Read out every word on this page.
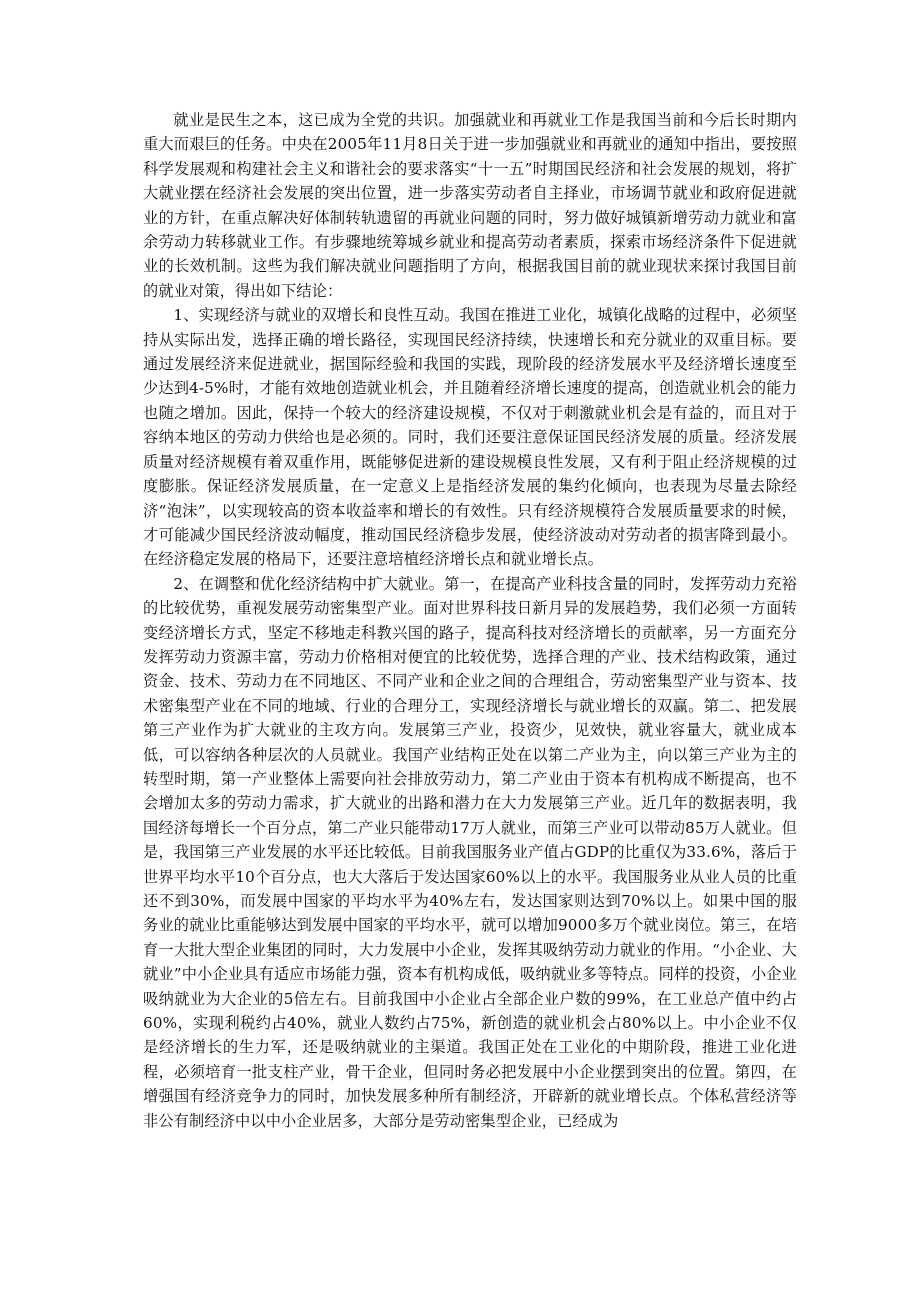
就业是民生之本，这已成为全党的共识。加强就业和再就业工作是我国当前和今后长时期内重大而艰巨的任务。中央在2005年11月8日关于进一步加强就业和再就业的通知中指出，要按照科学发展观和构建社会主义和谐社会的要求落实“十一五”时期国民经济和社会发展的规划，将扩大就业摆在经济社会发展的突出位置，进一步落实劳动者自主择业，市场调节就业和政府促进就业的方针，在重点解决好体制转轨遗留的再就业问题的同时，努力做好城镇新增劳动力就业和富余劳动力转移就业工作。有步骤地统筹城乡就业和提高劳动者素质，探索市场经济条件下促进就业的长效机制。这些为我们解决就业问题指明了方向，根据我国目前的就业现状来探讨我国目前的就业对策，得出如下结论：

1、实现经济与就业的双增长和良性互动。我国在推进工业化，城镇化战略的过程中，必须坚持从实际出发，选择正确的增长路径，实现国民经济持续，快速增长和充分就业的双重目标。要通过发展经济来促进就业，据国际经验和我国的实践，现阶段的经济发展水平及经济增长速度至少达到4-5%时，才能有效地创造就业机会，并且随着经济增长速度的提高，创造就业机会的能力也随之增加。因此，保持一个较大的经济建设规模，不仅对于刺激就业机会是有益的，而且对于容纳本地区的劳动力供给也是必须的。同时，我们还要注意保证国民经济发展的质量。经济发展质量对经济规模有着双重作用，既能够促进新的建设规模良性发展，又有利于阻止经济规模的过度膨胀。保证经济发展质量，在一定意义上是指经济发展的集约化倾向，也表现为尽量去除经济“泡沫”，以实现较高的资本收益率和增长的有效性。只有经济规模符合发展质量要求的时候，才可能减少国民经济波动幅度，推动国民经济稳步发展，使经济波动对劳动者的损害降到最小。在经济稳定发展的格局下，还要注意培植经济增长点和就业增长点。

2、在调整和优化经济结构中扩大就业。第一，在提高产业科技含量的同时，发挥劳动力充裕的比较优势，重视发展劳动密集型产业。面对世界科技日新月异的发展趋势，我们必须一方面转变经济增长方式，坚定不移地走科教兴国的路子，提高科技对经济增长的贡献率，另一方面充分发挥劳动力资源丰富，劳动力价格相对便宜的比较优势，选择合理的产业、技术结构政策，通过资金、技术、劳动力在不同地区、不同产业和企业之间的合理组合，劳动密集型产业与资本、技术密集型产业在不同的地域、行业的合理分工，实现经济增长与就业增长的双赢。第二、把发展第三产业作为扩大就业的主攻方向。发展第三产业，投资少，见效快，就业容量大，就业成本低，可以容纳各种层次的人员就业。我国产业结构正处在以第二产业为主，向以第三产业为主的转型时期，第一产业整体上需要向社会排放劳动力，第二产业由于资本有机构成不断提高，也不会增加太多的劳动力需求，扩大就业的出路和潜力在大力发展第三产业。近几年的数据表明，我国经济每增长一个百分点，第二产业只能带动17万人就业，而第三产业可以带动85万人就业。但是，我国第三产业发展的水平还比较低。目前我国服务业产值占GDP的比重仅为33.6%，落后于世界平均水平10个百分点，也大大落后于发达国家60%以上的水平。我国服务业从业人员的比重还不到30%，而发展中国家的平均水平为40%左右，发达国家则达到70%以上。如果中国的服务业的就业比重能够达到发展中国家的平均水平，就可以增加9000多万个就业岗位。第三，在培育一大批大型企业集团的同时，大力发展中小企业，发挥其吸纳劳动力就业的作用。“小企业、大就业”中小企业具有适应市场能力强，资本有机构成低，吸纳就业多等特点。同样的投资，小企业吸纳就业为大企业的5倍左右。目前我国中小企业占全部企业户数的99%，在工业总产值中约占60%，实现利税约占40%，就业人数约占75%，新创造的就业机会占80%以上。中小企业不仅是经济增长的生力军，还是吸纳就业的主渠道。我国正处在工业化的中期阶段，推进工业化进程，必须培育一批支柱产业，骨干企业，但同时务必把发展中小企业摆到突出的位置。第四，在增强国有经济竞争力的同时，加快发展多种所有制经济，开辟新的就业增长点。个体私营经济等非公有制经济中以中小企业居多，大部分是劳动密集型企业，已经成为
